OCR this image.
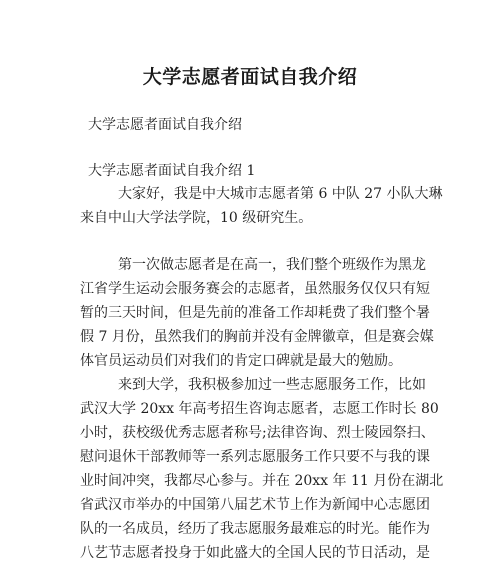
大学志愿者面试自我介绍
大学志愿者面试自我介绍
大学志愿者面试自我介绍 1
大家好，我是中大城市志愿者第 6 中队 27 小队大琳
来自中山大学法学院，10 级研究生。
第一次做志愿者是在高一，我们整个班级作为黑龙
江省学生运动会服务赛会的志愿者，虽然服务仅仅只有短
暂的三天时间，但是先前的准备工作却耗费了我们整个暑
假 7 月份，虽然我们的胸前并没有金牌徽章，但是赛会媒
体官员运动员们对我们的肯定口碑就是最大的勉励。
来到大学，我积极参加过一些志愿服务工作，比如
武汉大学 20xx 年高考招生咨询志愿者，志愿工作时长 80
小时，获校级优秀志愿者称号;法律咨询、烈士陵园祭扫、
慰问退休干部教师等一系列志愿服务工作只要不与我的课
业时间冲突，我都尽心参与。并在 20xx 年 11 月份在湖北
省武汉市举办的中国第八届艺术节上作为新闻中心志愿团
队的一名成员，经历了我志愿服务最难忘的时光。能作为
八艺节志愿者投身于如此盛大的全国人民的节日活动，是
